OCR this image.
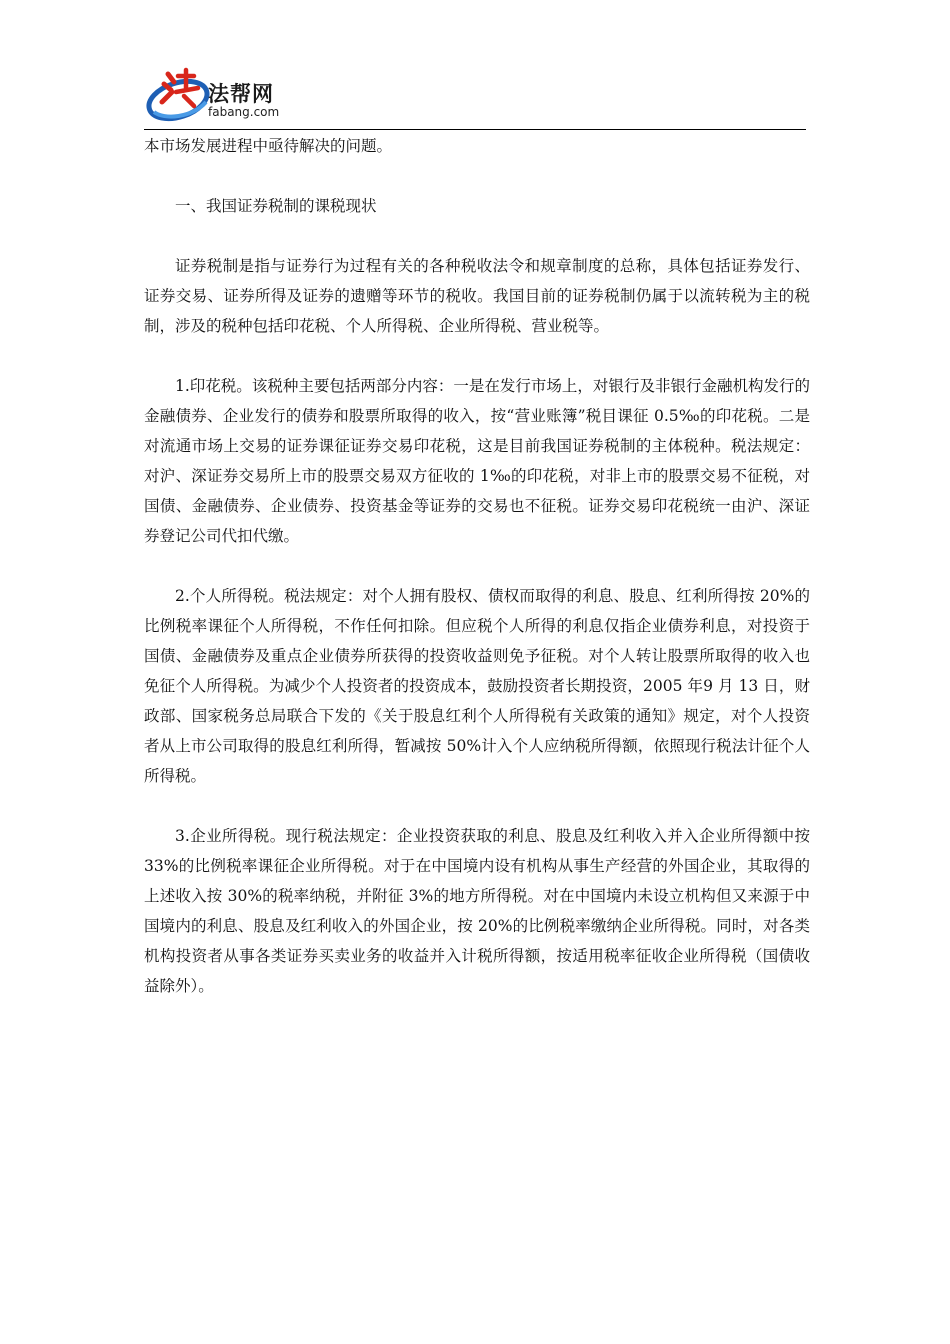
法帮网
fabang.com

本市场发展进程中亟待解决的问题。

一、我国证券税制的课税现状

证券税制是指与证券行为过程有关的各种税收法令和规章制度的总称，具体包括证券发行、证券交易、证券所得及证券的遗赠等环节的税收。我国目前的证券税制仍属于以流转税为主的税制，涉及的税种包括印花税、个人所得税、企业所得税、营业税等。

1.印花税。该税种主要包括两部分内容：一是在发行市场上，对银行及非银行金融机构发行的金融债券、企业发行的债券和股票所取得的收入，按“营业账簿”税目课征 0.5‰的印花税。二是对流通市场上交易的证券课征证券交易印花税，这是目前我国证券税制的主体税种。税法规定：对沪、深证券交易所上市的股票交易双方征收的 1‰的印花税，对非上市的股票交易不征税，对国债、金融债券、企业债券、投资基金等证券的交易也不征税。证券交易印花税统一由沪、深证券登记公司代扣代缴。

2.个人所得税。税法规定：对个人拥有股权、债权而取得的利息、股息、红利所得按 20%的比例税率课征个人所得税，不作任何扣除。但应税个人所得的利息仅指企业债券利息，对投资于国债、金融债券及重点企业债券所获得的投资收益则免予征税。对个人转让股票所取得的收入也免征个人所得税。为减少个人投资者的投资成本，鼓励投资者长期投资，2005 年9 月 13 日，财政部、国家税务总局联合下发的《关于股息红利个人所得税有关政策的通知》规定，对个人投资者从上市公司取得的股息红利所得，暂减按 50%计入个人应纳税所得额，依照现行税法计征个人所得税。

3.企业所得税。现行税法规定：企业投资获取的利息、股息及红利收入并入企业所得额中按 33%的比例税率课征企业所得税。对于在中国境内设有机构从事生产经营的外国企业，其取得的上述收入按 30%的税率纳税，并附征 3%的地方所得税。对在中国境内未设立机构但又来源于中国境内的利息、股息及红利收入的外国企业，按 20%的比例税率缴纳企业所得税。同时，对各类机构投资者从事各类证券买卖业务的收益并入计税所得额，按适用税率征收企业所得税（国债收益除外）。
